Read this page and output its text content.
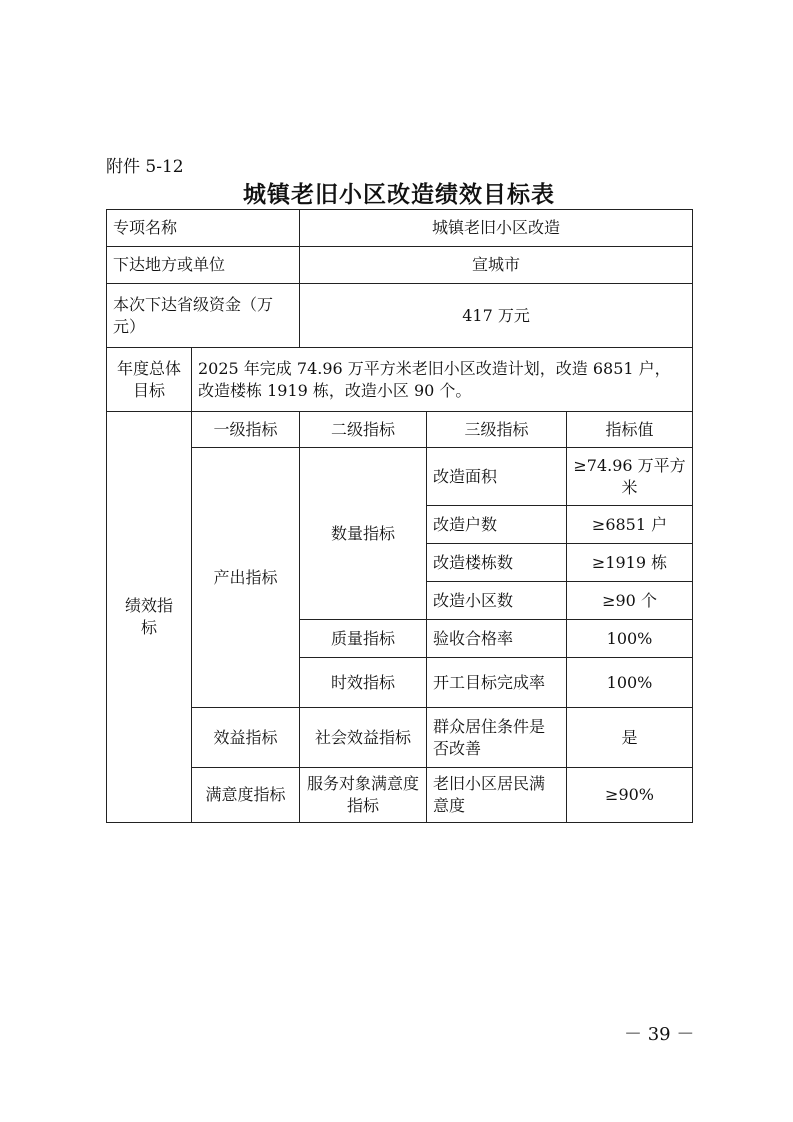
附件 5-12
城镇老旧小区改造绩效目标表
专项名称		城镇老旧小区改造		
下达地方或单位		宣城市		
本次下达省级资金（万元）		417 万元		
年度总体目标	2025 年完成 74.96 万平方米老旧小区改造计划，改造 6851 户，改造楼栋 1919 栋，改造小区 90 个。			
绩效指标	一级指标	二级指标	三级指标	指标值
	产出指标	数量指标	改造面积	≥74.96 万平方米
			改造户数	≥6851 户
			改造楼栋数	≥1919 栋
			改造小区数	≥90 个
		质量指标	验收合格率	100%
		时效指标	开工目标完成率	100%
	效益指标	社会效益指标	群众居住条件是否改善	是
	满意度指标	服务对象满意度指标	老旧小区居民满意度	≥90%
－ 39 －
